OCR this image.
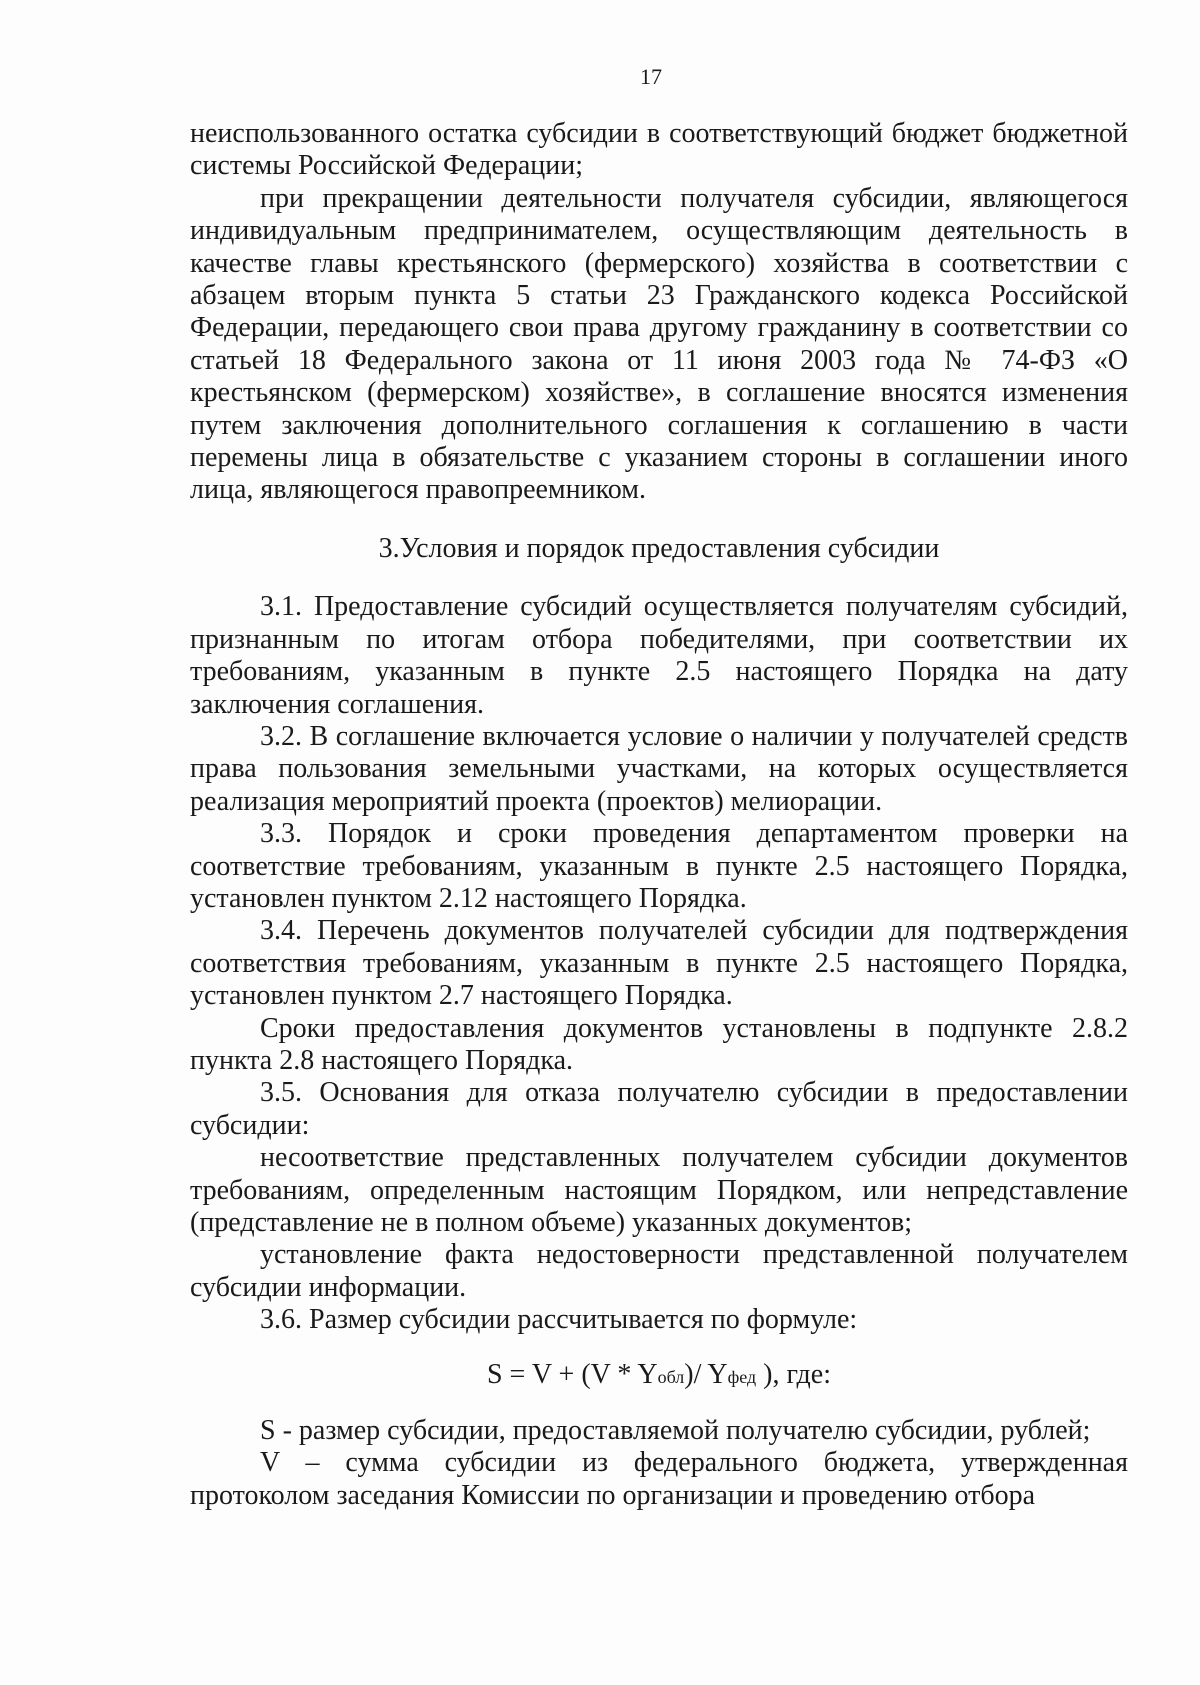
17

неиспользованного остатка субсидии в соответствующий бюджет бюджетной системы Российской Федерации;

при прекращении деятельности получателя субсидии, являющегося индивидуальным предпринимателем, осуществляющим деятельность в качестве главы крестьянского (фермерского) хозяйства в соответствии с абзацем вторым пункта 5 статьи 23 Гражданского кодекса Российской Федерации, передающего свои права другому гражданину в соответствии со статьей 18 Федерального закона от 11 июня 2003 года № 74-ФЗ «О крестьянском (фермерском) хозяйстве», в соглашение вносятся изменения путем заключения дополнительного соглашения к соглашению в части перемены лица в обязательстве с указанием стороны в соглашении иного лица, являющегося правопреемником.

3.Условия и порядок предоставления субсидии

3.1. Предоставление субсидий осуществляется получателям субсидий, признанным по итогам отбора победителями, при соответствии их требованиям, указанным в пункте 2.5 настоящего Порядка на дату заключения соглашения.

3.2. В соглашение включается условие о наличии у получателей средств права пользования земельными участками, на которых осуществляется реализация мероприятий проекта (проектов) мелиорации.

3.3. Порядок и сроки проведения департаментом проверки на соответствие требованиям, указанным в пункте 2.5 настоящего Порядка, установлен пунктом 2.12 настоящего Порядка.

3.4. Перечень документов получателей субсидии для подтверждения соответствия требованиям, указанным в пункте 2.5 настоящего Порядка, установлен пунктом 2.7 настоящего Порядка.

Сроки предоставления документов установлены в подпункте 2.8.2 пункта 2.8 настоящего Порядка.

3.5. Основания для отказа получателю субсидии в предоставлении субсидии:

несоответствие представленных получателем субсидии документов требованиям, определенным настоящим Порядком, или непредставление (представление не в полном объеме) указанных документов;

установление факта недостоверности представленной получателем субсидии информации.

3.6. Размер субсидии рассчитывается по формуле:

S = V + (V * Yобл)/ Yфед ), где:

S - размер субсидии, предоставляемой получателю субсидии, рублей;

V – сумма субсидии из федерального бюджета, утвержденная протоколом заседания Комиссии по организации и проведению отбора
